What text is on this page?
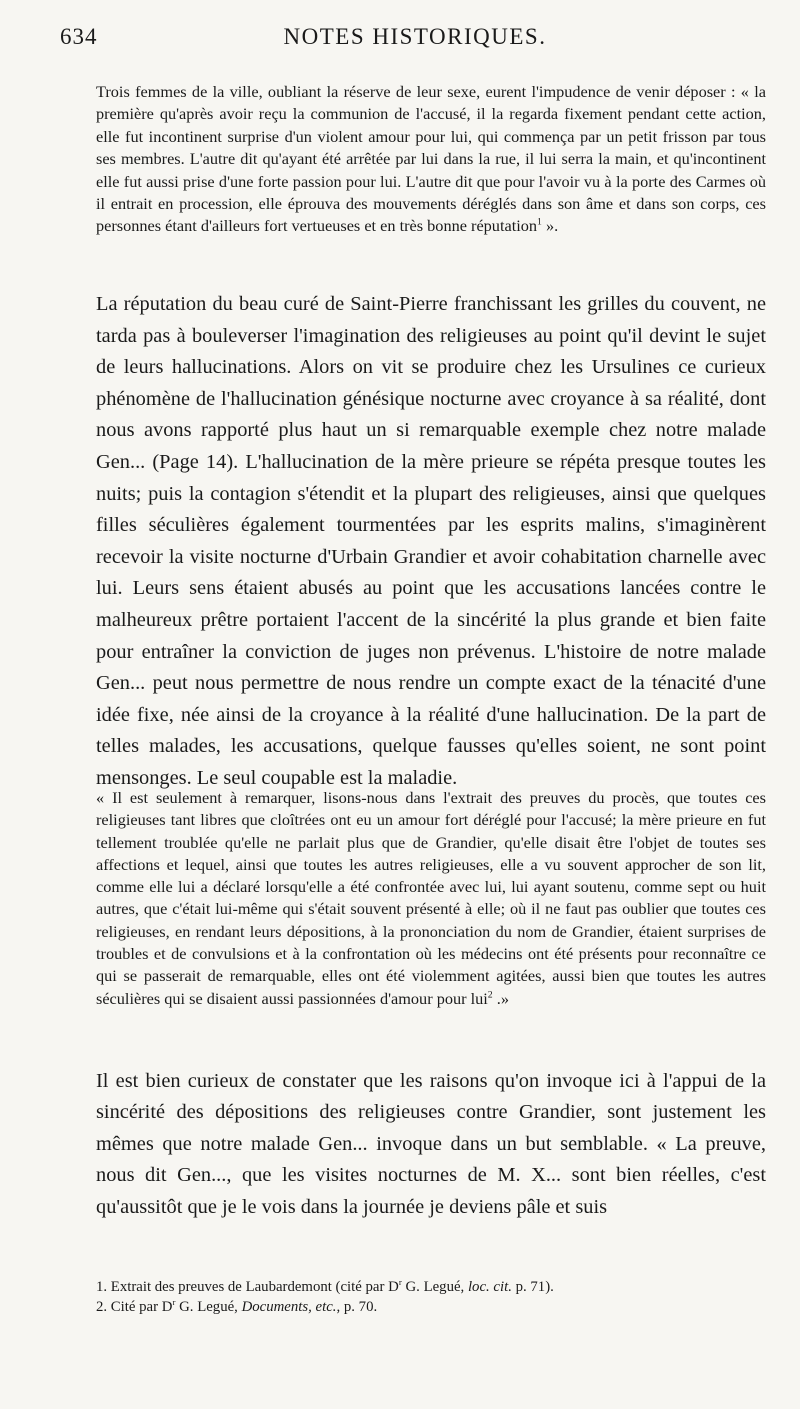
634	NOTES HISTORIQUES.

Trois femmes de la ville, oubliant la réserve de leur sexe, eurent l'impudence de venir déposer : « la première qu'après avoir reçu la communion de l'accusé, il la regarda fixement pendant cette action, elle fut incontinent surprise d'un violent amour pour lui, qui commença par un petit frisson par tous ses membres. L'autre dit qu'ayant été arrêtée par lui dans la rue, il lui serra la main, et qu'incontinent elle fut aussi prise d'une forte passion pour lui. L'autre dit que pour l'avoir vu à la porte des Carmes où il entrait en procession, elle éprouva des mouvements déréglés dans son âme et dans son corps, ces personnes étant d'ailleurs fort vertueuses et en très bonne réputation$^1$ ».

La réputation du beau curé de Saint-Pierre franchissant les grilles du couvent, ne tarda pas à bouleverser l'imagination des religieuses au point qu'il devint le sujet de leurs hallucinations. Alors on vit se produire chez les Ursulines ce curieux phénomène de l'hallucination génésique nocturne avec croyance à sa réalité, dont nous avons rapporté plus haut un si remarquable exemple chez notre malade Gen... (Page 14). L'hallucination de la mère prieure se répéta presque toutes les nuits; puis la contagion s'étendit et la plupart des religieuses, ainsi que quelques filles séculières également tourmentées par les esprits malins, s'imaginèrent recevoir la visite nocturne d'Urbain Grandier et avoir cohabitation charnelle avec lui. Leurs sens étaient abusés au point que les accusations lancées contre le malheureux prêtre portaient l'accent de la sincérité la plus grande et bien faite pour entraîner la conviction de juges non prévenus. L'histoire de notre malade Gen... peut nous permettre de nous rendre un compte exact de la ténacité d'une idée fixe, née ainsi de la croyance à la réalité d'une hallucination. De la part de telles malades, les accusations, quelque fausses qu'elles soient, ne sont point mensonges. Le seul coupable est la maladie.

« Il est seulement à remarquer, lisons-nous dans l'extrait des preuves du procès, que toutes ces religieuses tant libres que cloîtrées ont eu un amour fort déréglé pour l'accusé; la mère prieure en fut tellement troublée qu'elle ne parlait plus que de Grandier, qu'elle disait être l'objet de toutes ses affections et lequel, ainsi que toutes les autres religieuses, elle a vu souvent approcher de son lit, comme elle lui a déclaré lorsqu'elle a été confrontée avec lui, lui ayant soutenu, comme sept ou huit autres, que c'était lui-même qui s'était souvent présenté à elle; où il ne faut pas oublier que toutes ces religieuses, en rendant leurs dépositions, à la prononciation du nom de Grandier, étaient surprises de troubles et de convulsions et à la confrontation où les médecins ont été présents pour reconnaître ce qui se passerait de remarquable, elles ont été violemment agitées, aussi bien que toutes les autres séculières qui se disaient aussi passionnées d'amour pour lui$^2$ .»

Il est bien curieux de constater que les raisons qu'on invoque ici à l'appui de la sincérité des dépositions des religieuses contre Grandier, sont justement les mêmes que notre malade Gen... invoque dans un but semblable. « La preuve, nous dit Gen..., que les visites nocturnes de M. X... sont bien réelles, c'est qu'aussitôt que je le vois dans la journée je deviens pâle et suis

1. Extrait des preuves de Laubardemont (cité par $D^r$ G. Legué, loc. cit. p. 71).

2. Cité par $D^r$ G. Legué, Documents, etc., p. 70.
